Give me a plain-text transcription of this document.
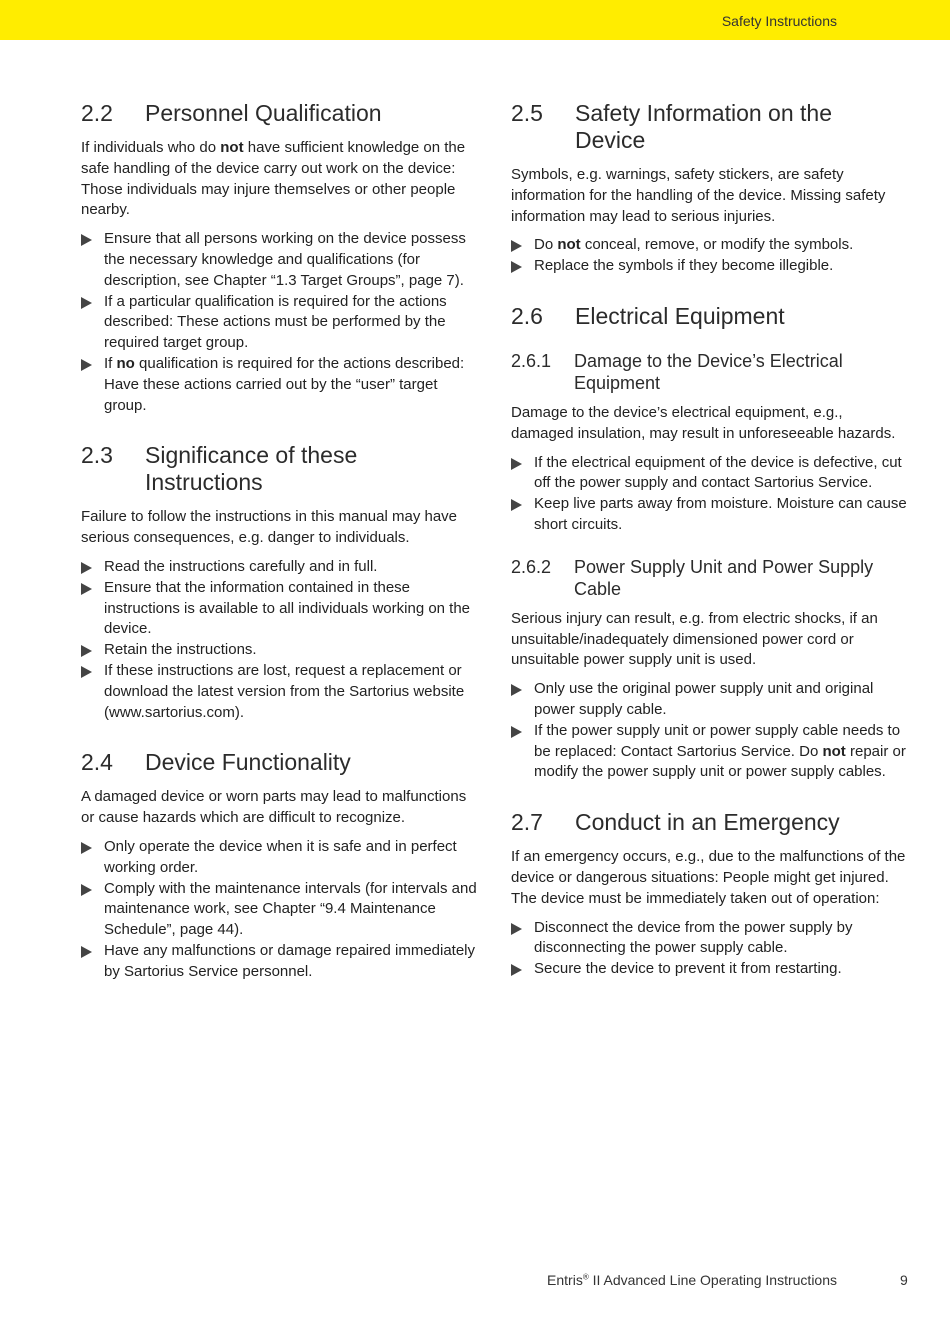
Safety Instructions
2.2	Personnel Qualification

If individuals who do not have sufficient knowledge on the safe handling of the device carry out work on the device: Those individuals may injure themselves or other people nearby.

Ensure that all persons working on the device possess the necessary knowledge and qualifications (for description, see Chapter “1.3 Target Groups”, page 7).
If a particular qualification is required for the actions described: These actions must be performed by the required target group.
If no qualification is required for the actions described: Have these actions carried out by the “user” target group.
2.3	Significance of these Instructions

Failure to follow the instructions in this manual may have serious consequences, e.g. danger to individuals.

Read the instructions carefully and in full.
Ensure that the information contained in these instructions is available to all individuals working on the device.
Retain the instructions.
If these instructions are lost, request a replacement or download the latest version from the Sartorius website (www.sartorius.com).
2.4	Device Functionality

A damaged device or worn parts may lead to malfunctions or cause hazards which are difficult to recognize.

Only operate the device when it is safe and in perfect working order.
Comply with the maintenance intervals (for intervals and maintenance work, see Chapter “9.4 Maintenance Schedule”, page 44).
Have any malfunctions or damage repaired immediately by Sartorius Service personnel.
2.5	Safety Information on the Device

Symbols, e.g. warnings, safety stickers, are safety information for the handling of the device. Missing safety information may lead to serious injuries.

Do not conceal, remove, or modify the symbols.
Replace the symbols if they become illegible.
2.6	Electrical Equipment
2.6.1	Damage to the Device’s Electrical Equipment

Damage to the device’s electrical equipment, e.g., damaged insulation, may result in unforeseeable hazards.

If the electrical equipment of the device is defective, cut off the power supply and contact Sartorius Service.
Keep live parts away from moisture. Moisture can cause short circuits.
2.6.2	Power Supply Unit and Power Supply Cable

Serious injury can result, e.g. from electric shocks, if an unsuitable/inadequately dimensioned power cord or unsuitable power supply unit is used.

Only use the original power supply unit and original power supply cable.
If the power supply unit or power supply cable needs to be replaced: Contact Sartorius Service. Do not repair or modify the power supply unit or power supply cables.
2.7	Conduct in an Emergency

If an emergency occurs, e.g., due to the malfunctions of the device or dangerous situations: People might get injured. The device must be immediately taken out of operation:

Disconnect the device from the power supply by disconnecting the power supply cable.
Secure the device to prevent it from restarting.
Entris® II Advanced Line Operating Instructions	9
